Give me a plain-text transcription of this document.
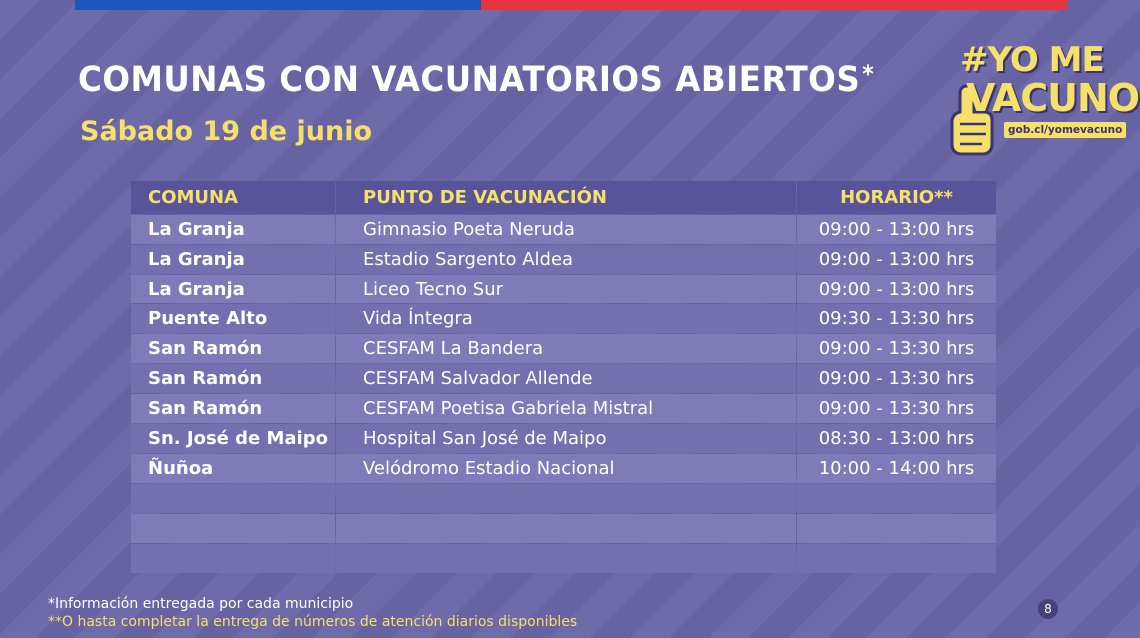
COMUNAS CON VACUNATORIOS ABIERTOS*
Sábado 19 de junio
#YO ME
VACUNO
gob.cl/yomevacuno
COMUNA	PUNTO DE VACUNACIÓN	HORARIO**
La Granja	Gimnasio Poeta Neruda	09:00 - 13:00 hrs
La Granja	Estadio Sargento Aldea	09:00 - 13:00 hrs
La Granja	Liceo Tecno Sur	09:00 - 13:00 hrs
Puente Alto	Vida Íntegra	09:30 - 13:30 hrs
San Ramón	CESFAM La Bandera	09:00 - 13:30 hrs
San Ramón	CESFAM Salvador Allende	09:00 - 13:30 hrs
San Ramón	CESFAM Poetisa Gabriela Mistral	09:00 - 13:30 hrs
Sn. José de Maipo	Hospital San José de Maipo	08:30 - 13:00 hrs
Ñuñoa	Velódromo Estadio Nacional	10:00 - 14:00 hrs
*Información entregada por cada municipio
**O hasta completar la entrega de números de atención diarios disponibles
8
